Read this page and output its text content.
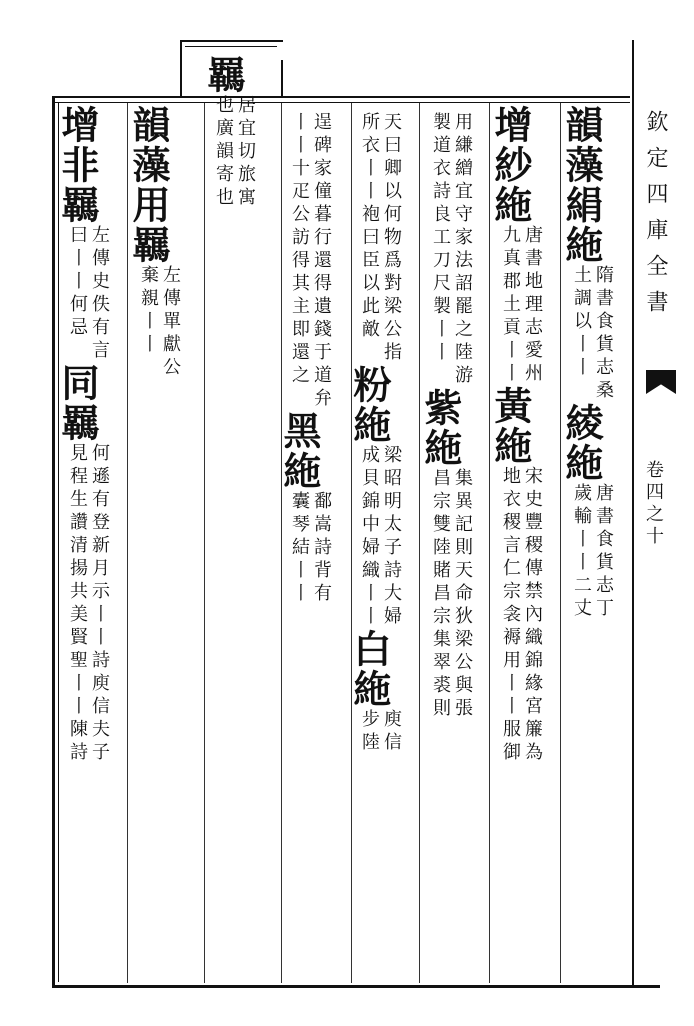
欽定四庫全書
卷四之十
韻藻絹絁
隋書食貨志桑
土調以丨丨
綾絁
唐書食貨志丁
歲輸丨丨二丈
增紗絁
唐書地理志愛州
九真郡土貢丨丨
黃絁
宋史豐稷傳禁內織錦緣宮簾為
地衣稷言仁宗衾褥用丨丨服御
用縑繒宜守家法詔罷之陸游
製道衣詩良工刀尺製丨丨
紫絁
集異記則天命狄梁公與張
昌宗雙陸賭昌宗集翠裘則
天曰卿以何物爲對梁公指
所衣丨丨袍曰臣以此敵
粉絁
梁昭明太子詩大婦
成貝錦中婦織丨丨
白絁
庾信
步陸
逞碑家僮暮行還得遺錢于道弁
丨丨十疋公訪得其主即還之
黑絁
鄱嵩詩背有
囊琴結丨丨
羈
居宜切旅寓
也廣韻寄也
韻藻用羈
左傳單獻公
棄親丨丨
增非羈
左傳史佚有言
曰丨丨何忌
同羈
何遜有登新月示丨丨詩庾信夫子
見程生讚清揚共美賢聖丨丨陳詩
